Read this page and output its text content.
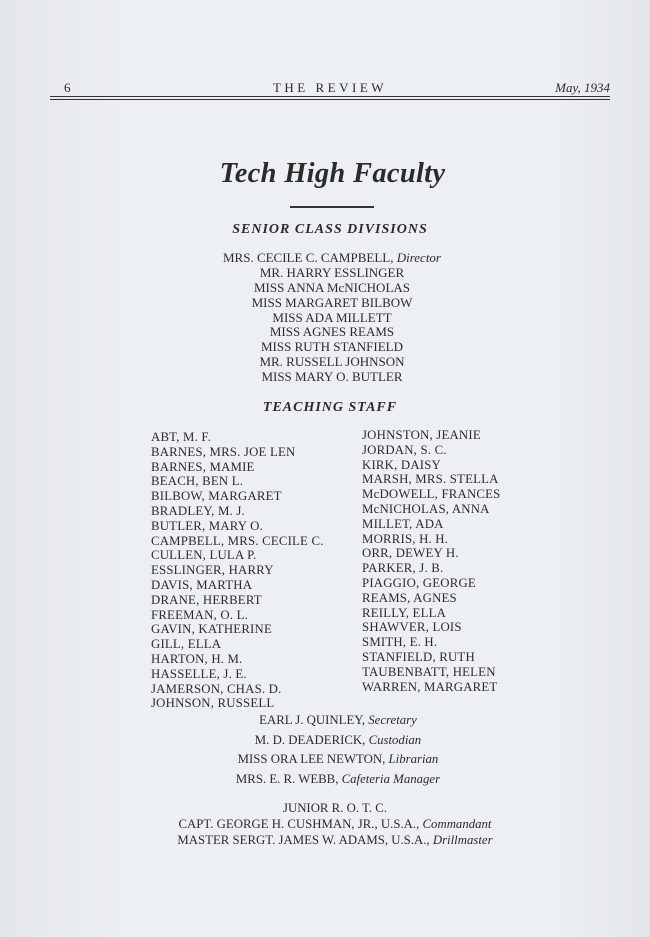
6	THE REVIEW	May, 1934
Tech High Faculty
SENIOR CLASS DIVISIONS
MRS. CECILE C. CAMPBELL, Director
MR. HARRY ESSLINGER
MISS ANNA McNICHOLAS
MISS MARGARET BILBOW
MISS ADA MILLETT
MISS AGNES REAMS
MISS RUTH STANFIELD
MR. RUSSELL JOHNSON
MISS MARY O. BUTLER
TEACHING STAFF
ABT, M. F.
BARNES, MRS. JOE LEN
BARNES, MAMIE
BEACH, BEN L.
BILBOW, MARGARET
BRADLEY, M. J.
BUTLER, MARY O.
CAMPBELL, MRS. CECILE C.
CULLEN, LULA P.
ESSLINGER, HARRY
DAVIS, MARTHA
DRANE, HERBERT
FREEMAN, O. L.
GAVIN, KATHERINE
GILL, ELLA
HARTON, H. M.
HASSELLE, J. E.
JAMERSON, CHAS. D.
JOHNSON, RUSSELL
JOHNSTON, JEANIE
JORDAN, S. C.
KIRK, DAISY
MARSH, MRS. STELLA
McDOWELL, FRANCES
McNICHOLAS, ANNA
MILLET, ADA
MORRIS, H. H.
ORR, DEWEY H.
PARKER, J. B.
PIAGGIO, GEORGE
REAMS, AGNES
REILLY, ELLA
SHAWVER, LOIS
SMITH, E. H.
STANFIELD, RUTH
TAUBENBATT, HELEN
WARREN, MARGARET
EARL J. QUINLEY, Secretary
M. D. DEADERICK, Custodian
MISS ORA LEE NEWTON, Librarian
MRS. E. R. WEBB, Cafeteria Manager
JUNIOR R. O. T. C.
CAPT. GEORGE H. CUSHMAN, JR., U.S.A., Commandant
MASTER SERGT. JAMES W. ADAMS, U.S.A., Drillmaster
